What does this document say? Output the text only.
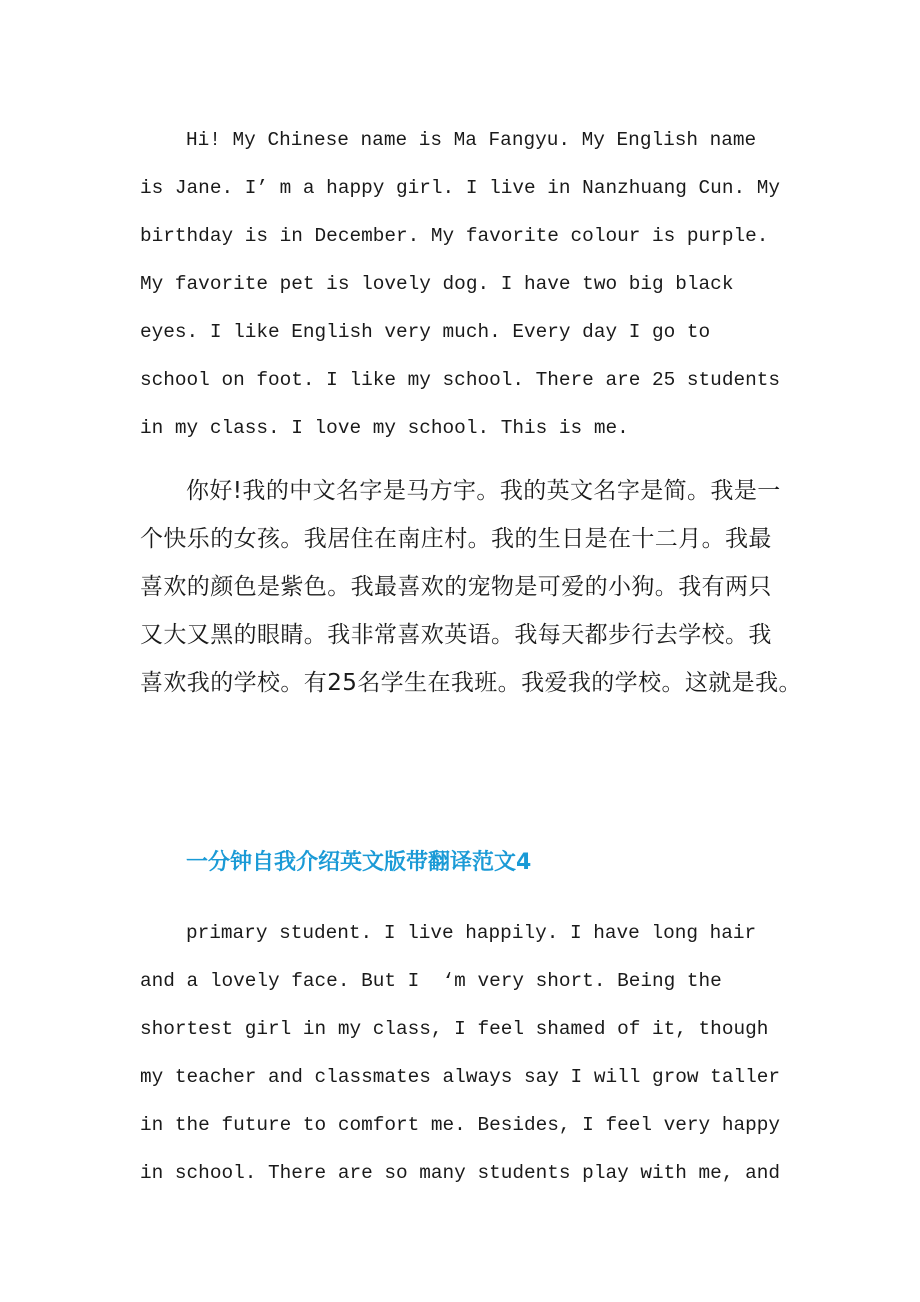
Hi! My Chinese name is Ma Fangyu. My English name
is Jane. I’ m a happy girl. I live in Nanzhuang Cun. My
birthday is in December. My favorite colour is purple.
My favorite pet is lovely dog. I have two big black
eyes. I like English very much. Every day I go to
school on foot. I like my school. There are 25 students
in my class. I love my school. This is me.
你好!我的中文名字是马方宇。我的英文名字是简。我是一
个快乐的女孩。我居住在南庄村。我的生日是在十二月。我最
喜欢的颜色是紫色。我最喜欢的宠物是可爱的小狗。我有两只
又大又黑的眼睛。我非常喜欢英语。我每天都步行去学校。我
喜欢我的学校。有25名学生在我班。我爱我的学校。这就是我。
一分钟自我介绍英文版带翻译范文4
primary student. I live happily. I have long hair
and a lovely face. But I  ‘m very short. Being the
shortest girl in my class, I feel shamed of it, though
my teacher and classmates always say I will grow taller
in the future to comfort me. Besides, I feel very happy
in school. There are so many students play with me, and
